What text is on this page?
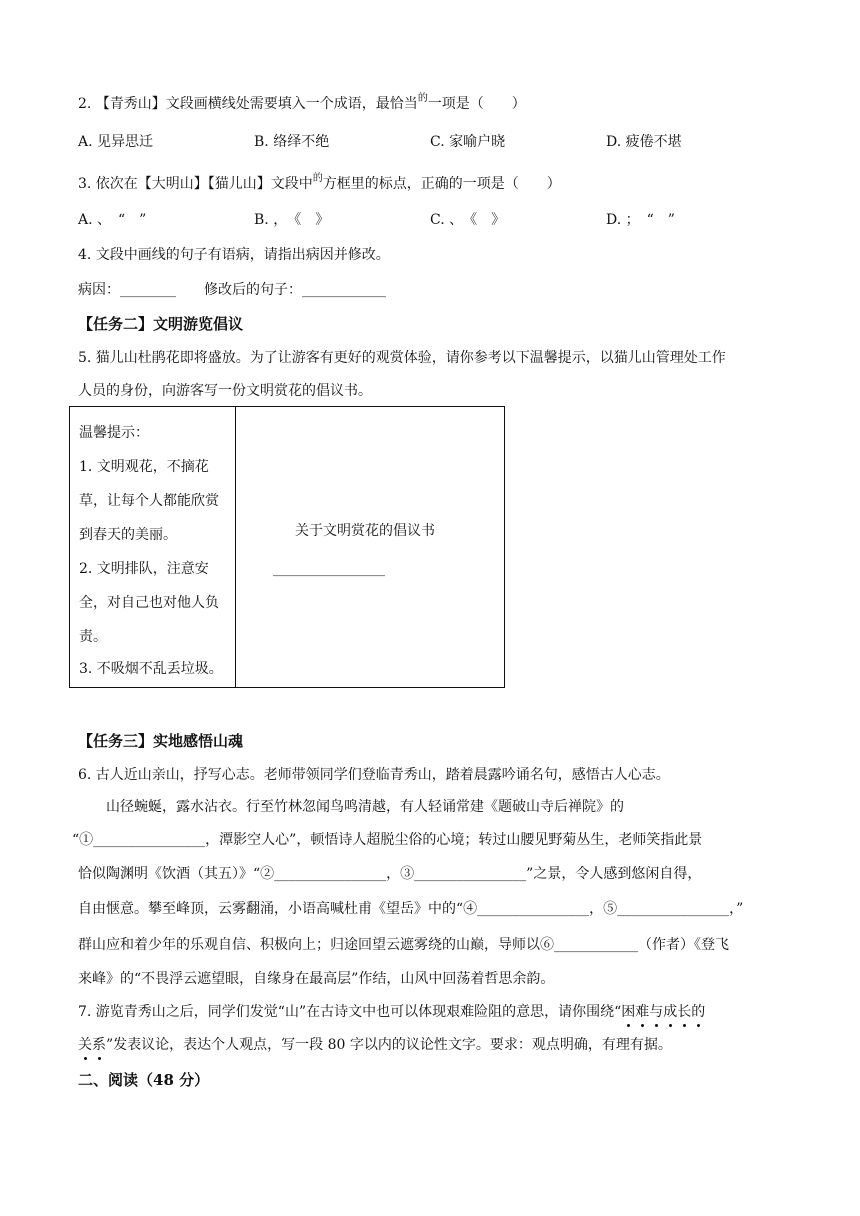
2. 【青秀山】文段画横线处需要填入一个成语，最恰当$^的$一项是（　　）
A. 见异思迁	B. 络绎不绝	C. 家喻户晓	D. 疲倦不堪
3. 依次在【大明山】【猫儿山】文段中$^的$方框里的标点，正确的一项是（　　）
A. 、　“　”	B. ，　《　》	C. 、　《　》	D. ；　“　”
4. 文段中画线的句子有语病，请指出病因并修改。
病因：________　　修改后的句子：____________
【任务二】文明游览倡议
5. 猫儿山杜鹃花即将盛放。为了让游客有更好的观赏体验，请你参考以下温馨提示，以猫儿山管理处工作
人员的身份，向游客写一份文明赏花的倡议书。
温馨提示：
1. 文明观花，不摘花
草，让每个人都能欣赏
到春天的美丽。
2. 文明排队，注意安
全，对自己也对他人负
责。
3. 不吸烟不乱丢垃圾。
关于文明赏花的倡议书
________________
【任务三】实地感悟山魂
6. 古人近山亲山，抒写心志。老师带领同学们登临青秀山，踏着晨露吟诵名句，感悟古人心志。
山径蜿蜒，露水沾衣。行至竹林忽闻鸟鸣清越，有人轻诵常建《题破山寺后禅院》的
“①________________，潭影空人心”，顿悟诗人超脱尘俗的心境；转过山腰见野菊丛生，老师笑指此景
恰似陶渊明《饮酒（其五）》“②________________，③________________”之景，令人感到悠闲自得，
自由惬意。攀至峰顶，云雾翻涌，小语高喊杜甫《望岳》中的“④________________，⑤________________，”
群山应和着少年的乐观自信、积极向上；归途回望云遮雾绕的山巅，导师以⑥____________（作者）《登飞
来峰》的“不畏浮云遮望眼，自缘身在最高层”作结，山风中回荡着哲思余韵。
7. 游览青秀山之后，同学们发觉“山”在古诗文中也可以体现艰难险阻的意思，请你围绕“困难与成长的
关系”发表议论，表达个人观点，写一段 80 字以内的议论性文字。要求：观点明确，有理有据。
二、阅读（48 分）
